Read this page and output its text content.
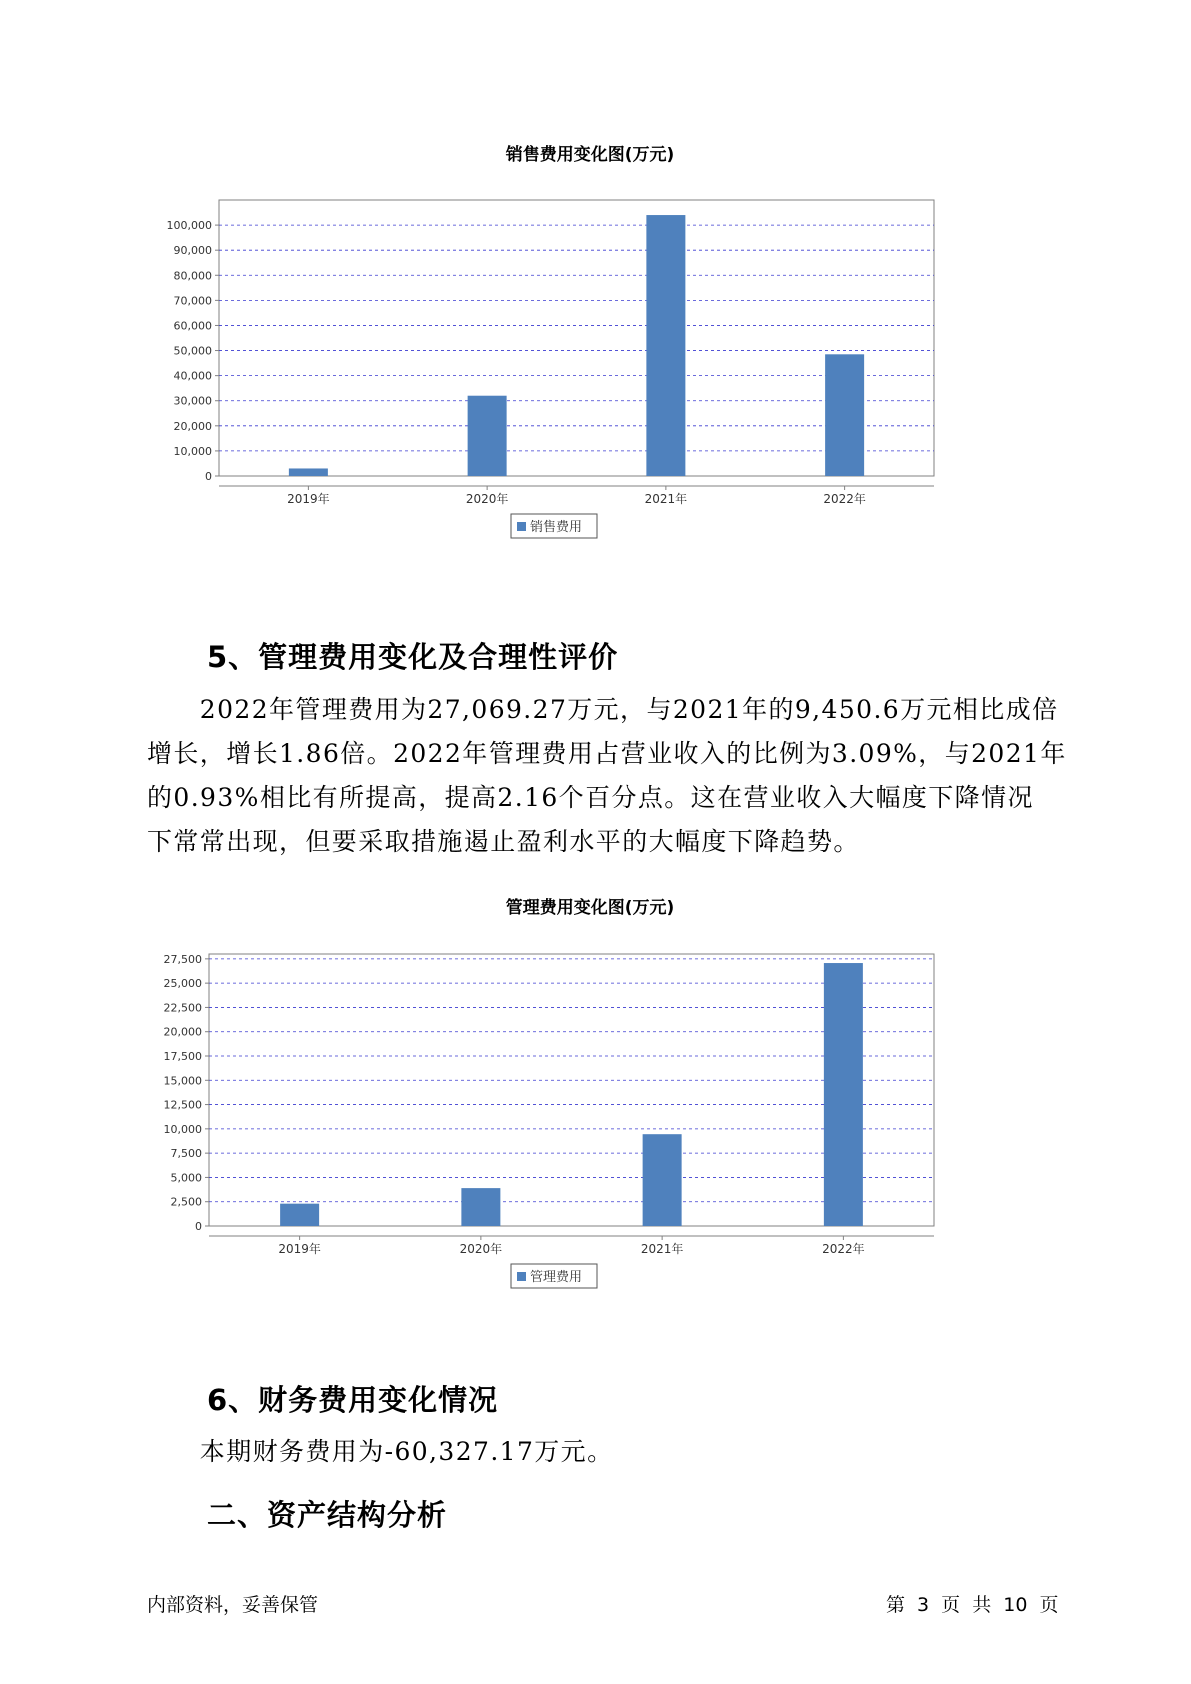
销售费用变化图(万元)
0
10,000
20,000
30,000
40,000
50,000
60,000
70,000
80,000
90,000
100,000
2019年	2020年	2021年	2022年
销售费用
5、管理费用变化及合理性评价
　　2022年管理费用为27,069.27万元，与2021年的9,450.6万元相比成倍
增长，增长1.86倍。2022年管理费用占营业收入的比例为3.09%，与2021年
的0.93%相比有所提高，提高2.16个百分点。这在营业收入大幅度下降情况
下常常出现，但要采取措施遏止盈利水平的大幅度下降趋势。
管理费用变化图(万元)
0
2,500
5,000
7,500
10,000
12,500
15,000
17,500
20,000
22,500
25,000
27,500
2019年	2020年	2021年	2022年
管理费用
6、财务费用变化情况
　　本期财务费用为-60,327.17万元。
二、资产结构分析
内部资料，妥善保管	第 3 页 共 10 页
